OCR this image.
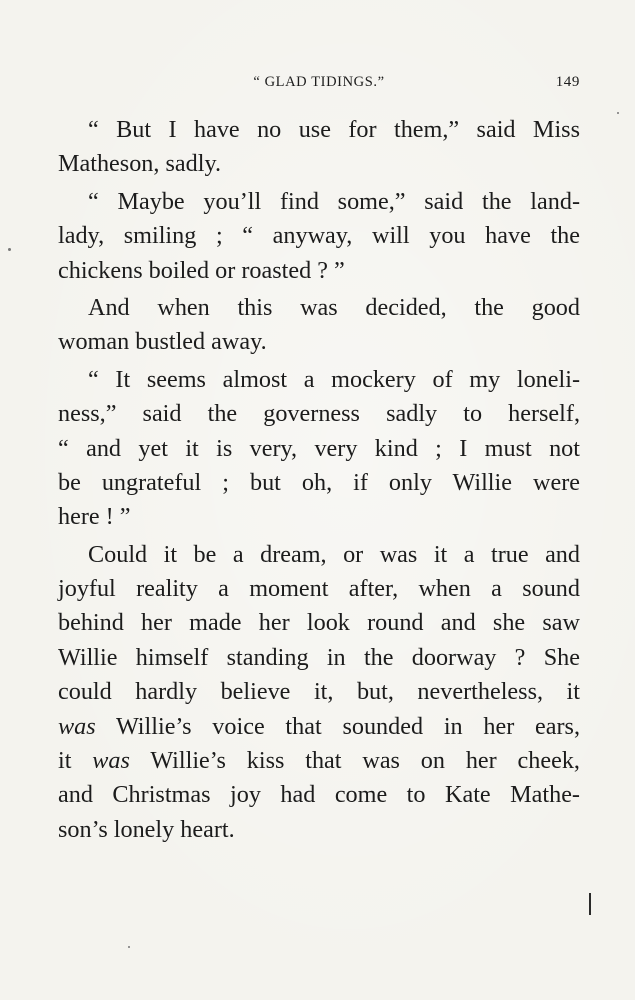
“ GLAD TIDINGS.”	149
“ But I have no use for them,” said Miss
Matheson, sadly.
“ Maybe you’ll find some,” said the land-
lady, smiling ; “ anyway, will you have the
chickens boiled or roasted ? ”
And when this was decided, the good
woman bustled away.
“ It seems almost a mockery of my loneli-
ness,” said the governess sadly to herself,
“ and yet it is very, very kind ; I must not
be ungrateful ; but oh, if only Willie were
here ! ”
Could it be a dream, or was it a true and
joyful reality a moment after, when a sound
behind her made her look round and she saw
Willie himself standing in the doorway ? She
could hardly believe it, but, nevertheless, it
was Willie’s voice that sounded in her ears,
it was Willie’s kiss that was on her cheek,
and Christmas joy had come to Kate Mathe-
son’s lonely heart.
